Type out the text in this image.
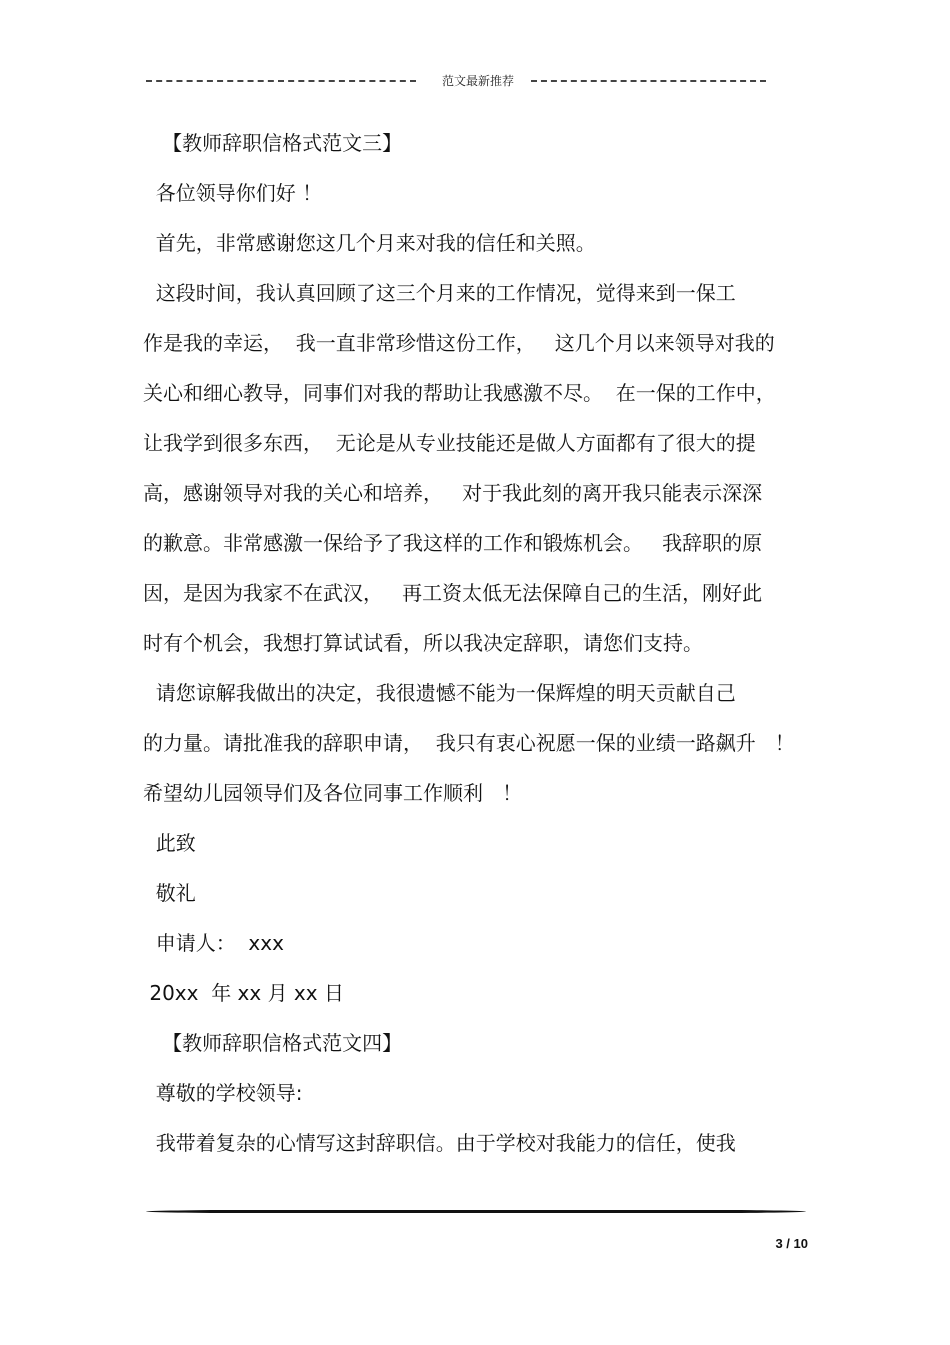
范文最新推荐
【教师辞职信格式范文三】
各位领导你们好 ！
首先，非常感谢您这几个月来对我的信任和关照。
这段时间，我认真回顾了这三个月来的工作情况，觉得来到一保工
作是我的幸运，  我一直非常珍惜这份工作，   这几个月以来领导对我的
关心和细心教导，同事们对我的帮助让我感激不尽。  在一保的工作中，
让我学到很多东西，  无论是从专业技能还是做人方面都有了很大的提
高，感谢领导对我的关心和培养，   对于我此刻的离开我只能表示深深
的歉意。非常感激一保给予了我这样的工作和锻炼机会。   我辞职的原
因，是因为我家不在武汉，   再工资太低无法保障自己的生活，刚好此
时有个机会，我想打算试试看，所以我决定辞职，请您们支持。
请您谅解我做出的决定，我很遗憾不能为一保辉煌的明天贡献自己
的力量。请批准我的辞职申请，  我只有衷心祝愿一保的业绩一路飙升   ！
希望幼儿园领导们及各位同事工作顺利   ！
此致
敬礼
申请人：  xxx
20xx  年 xx 月 xx 日
【教师辞职信格式范文四】
尊敬的学校领导:
我带着复杂的心情写这封辞职信。由于学校对我能力的信任，使我
3 / 10
